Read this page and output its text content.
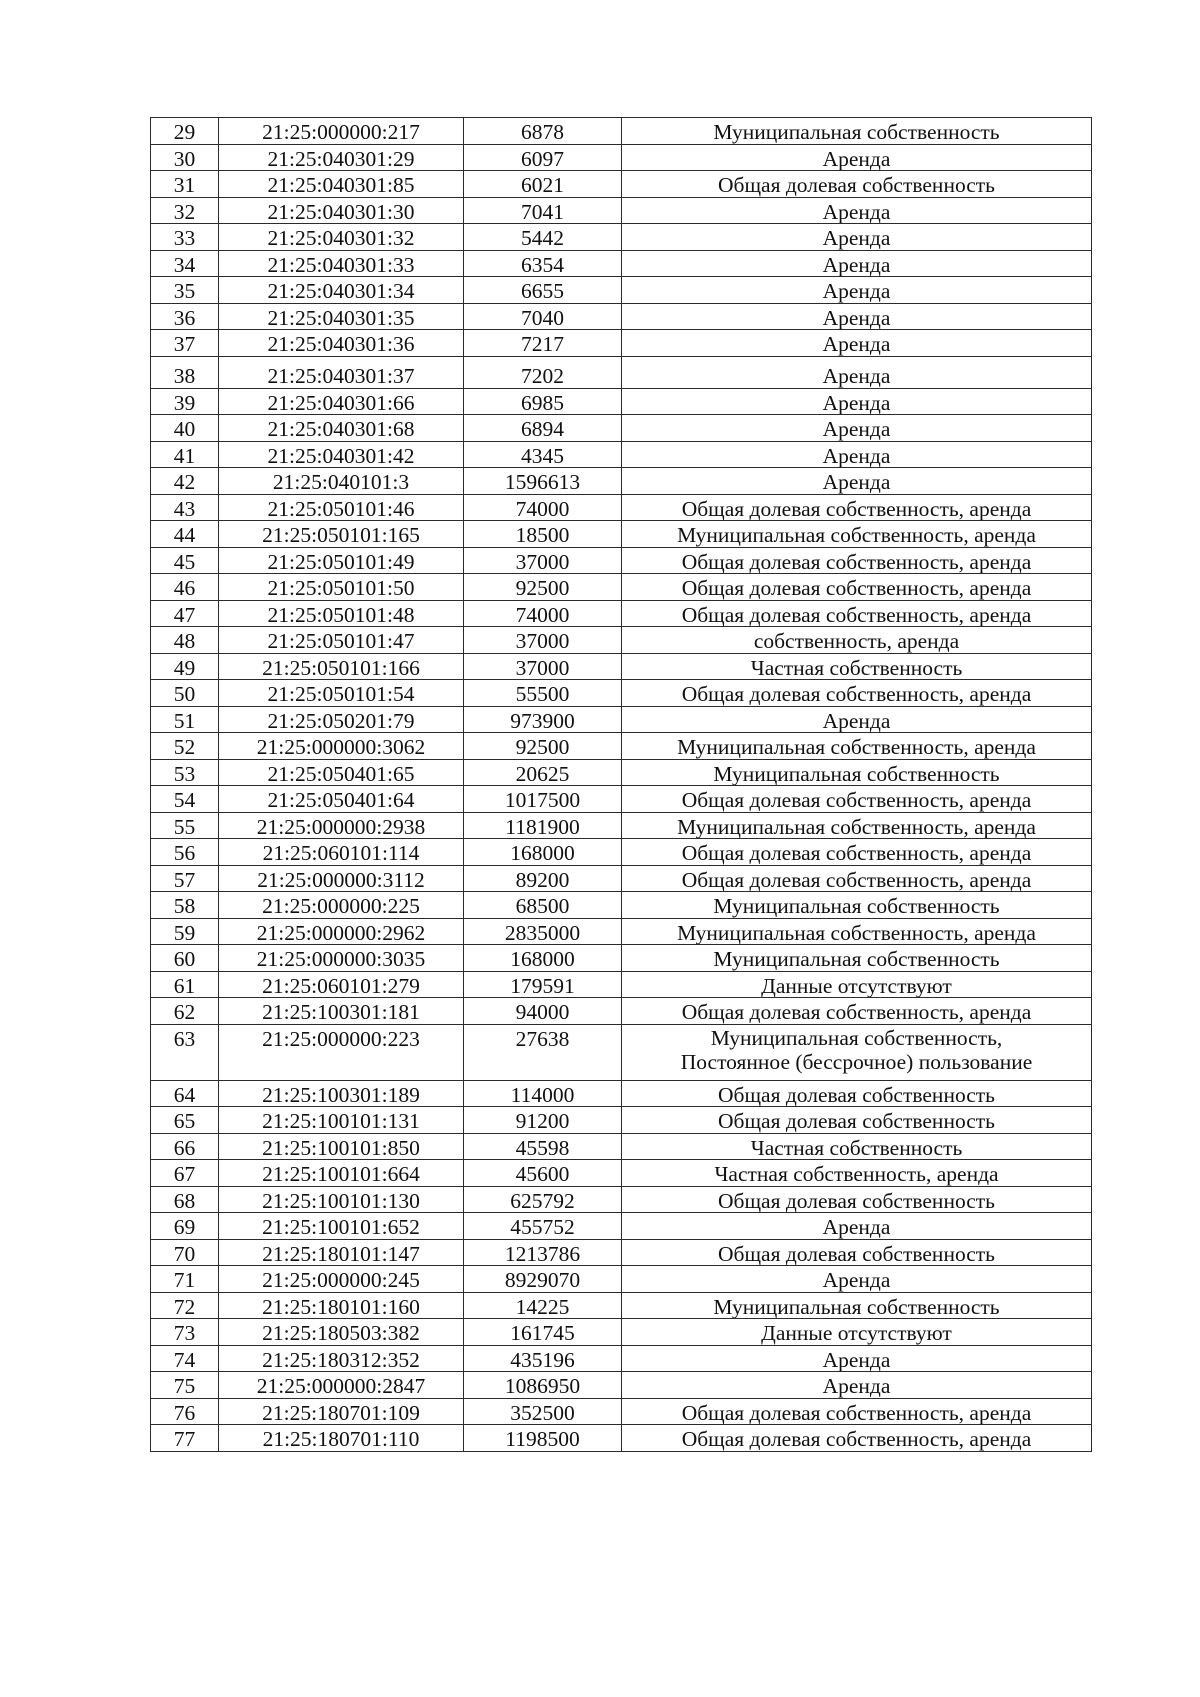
29	21:25:000000:217	6878	Муниципальная собственность
30	21:25:040301:29	6097	Аренда
31	21:25:040301:85	6021	Общая долевая собственность
32	21:25:040301:30	7041	Аренда
33	21:25:040301:32	5442	Аренда
34	21:25:040301:33	6354	Аренда
35	21:25:040301:34	6655	Аренда
36	21:25:040301:35	7040	Аренда
37	21:25:040301:36	7217	Аренда
38	21:25:040301:37	7202	Аренда
39	21:25:040301:66	6985	Аренда
40	21:25:040301:68	6894	Аренда
41	21:25:040301:42	4345	Аренда
42	21:25:040101:3	1596613	Аренда
43	21:25:050101:46	74000	Общая долевая собственность, аренда
44	21:25:050101:165	18500	Муниципальная собственность, аренда
45	21:25:050101:49	37000	Общая долевая собственность, аренда
46	21:25:050101:50	92500	Общая долевая собственность, аренда
47	21:25:050101:48	74000	Общая долевая собственность, аренда
48	21:25:050101:47	37000	собственность, аренда
49	21:25:050101:166	37000	Частная собственность
50	21:25:050101:54	55500	Общая долевая собственность, аренда
51	21:25:050201:79	973900	Аренда
52	21:25:000000:3062	92500	Муниципальная собственность, аренда
53	21:25:050401:65	20625	Муниципальная собственность
54	21:25:050401:64	1017500	Общая долевая собственность, аренда
55	21:25:000000:2938	1181900	Муниципальная собственность, аренда
56	21:25:060101:114	168000	Общая долевая собственность, аренда
57	21:25:000000:3112	89200	Общая долевая собственность, аренда
58	21:25:000000:225	68500	Муниципальная собственность
59	21:25:000000:2962	2835000	Муниципальная собственность, аренда
60	21:25:000000:3035	168000	Муниципальная собственность
61	21:25:060101:279	179591	Данные отсутствуют
62	21:25:100301:181	94000	Общая долевая собственность, аренда
63	21:25:000000:223	27638	Муниципальная собственность,
Постоянное (бессрочное) пользование

64	21:25:100301:189	114000	Общая долевая собственность
65	21:25:100101:131	91200	Общая долевая собственность
66	21:25:100101:850	45598	Частная собственность
67	21:25:100101:664	45600	Частная собственность, аренда
68	21:25:100101:130	625792	Общая долевая собственность
69	21:25:100101:652	455752	Аренда
70	21:25:180101:147	1213786	Общая долевая собственность
71	21:25:000000:245	8929070	Аренда
72	21:25:180101:160	14225	Муниципальная собственность
73	21:25:180503:382	161745	Данные отсутствуют
74	21:25:180312:352	435196	Аренда
75	21:25:000000:2847	1086950	Аренда
76	21:25:180701:109	352500	Общая долевая собственность, аренда
77	21:25:180701:110	1198500	Общая долевая собственность, аренда
